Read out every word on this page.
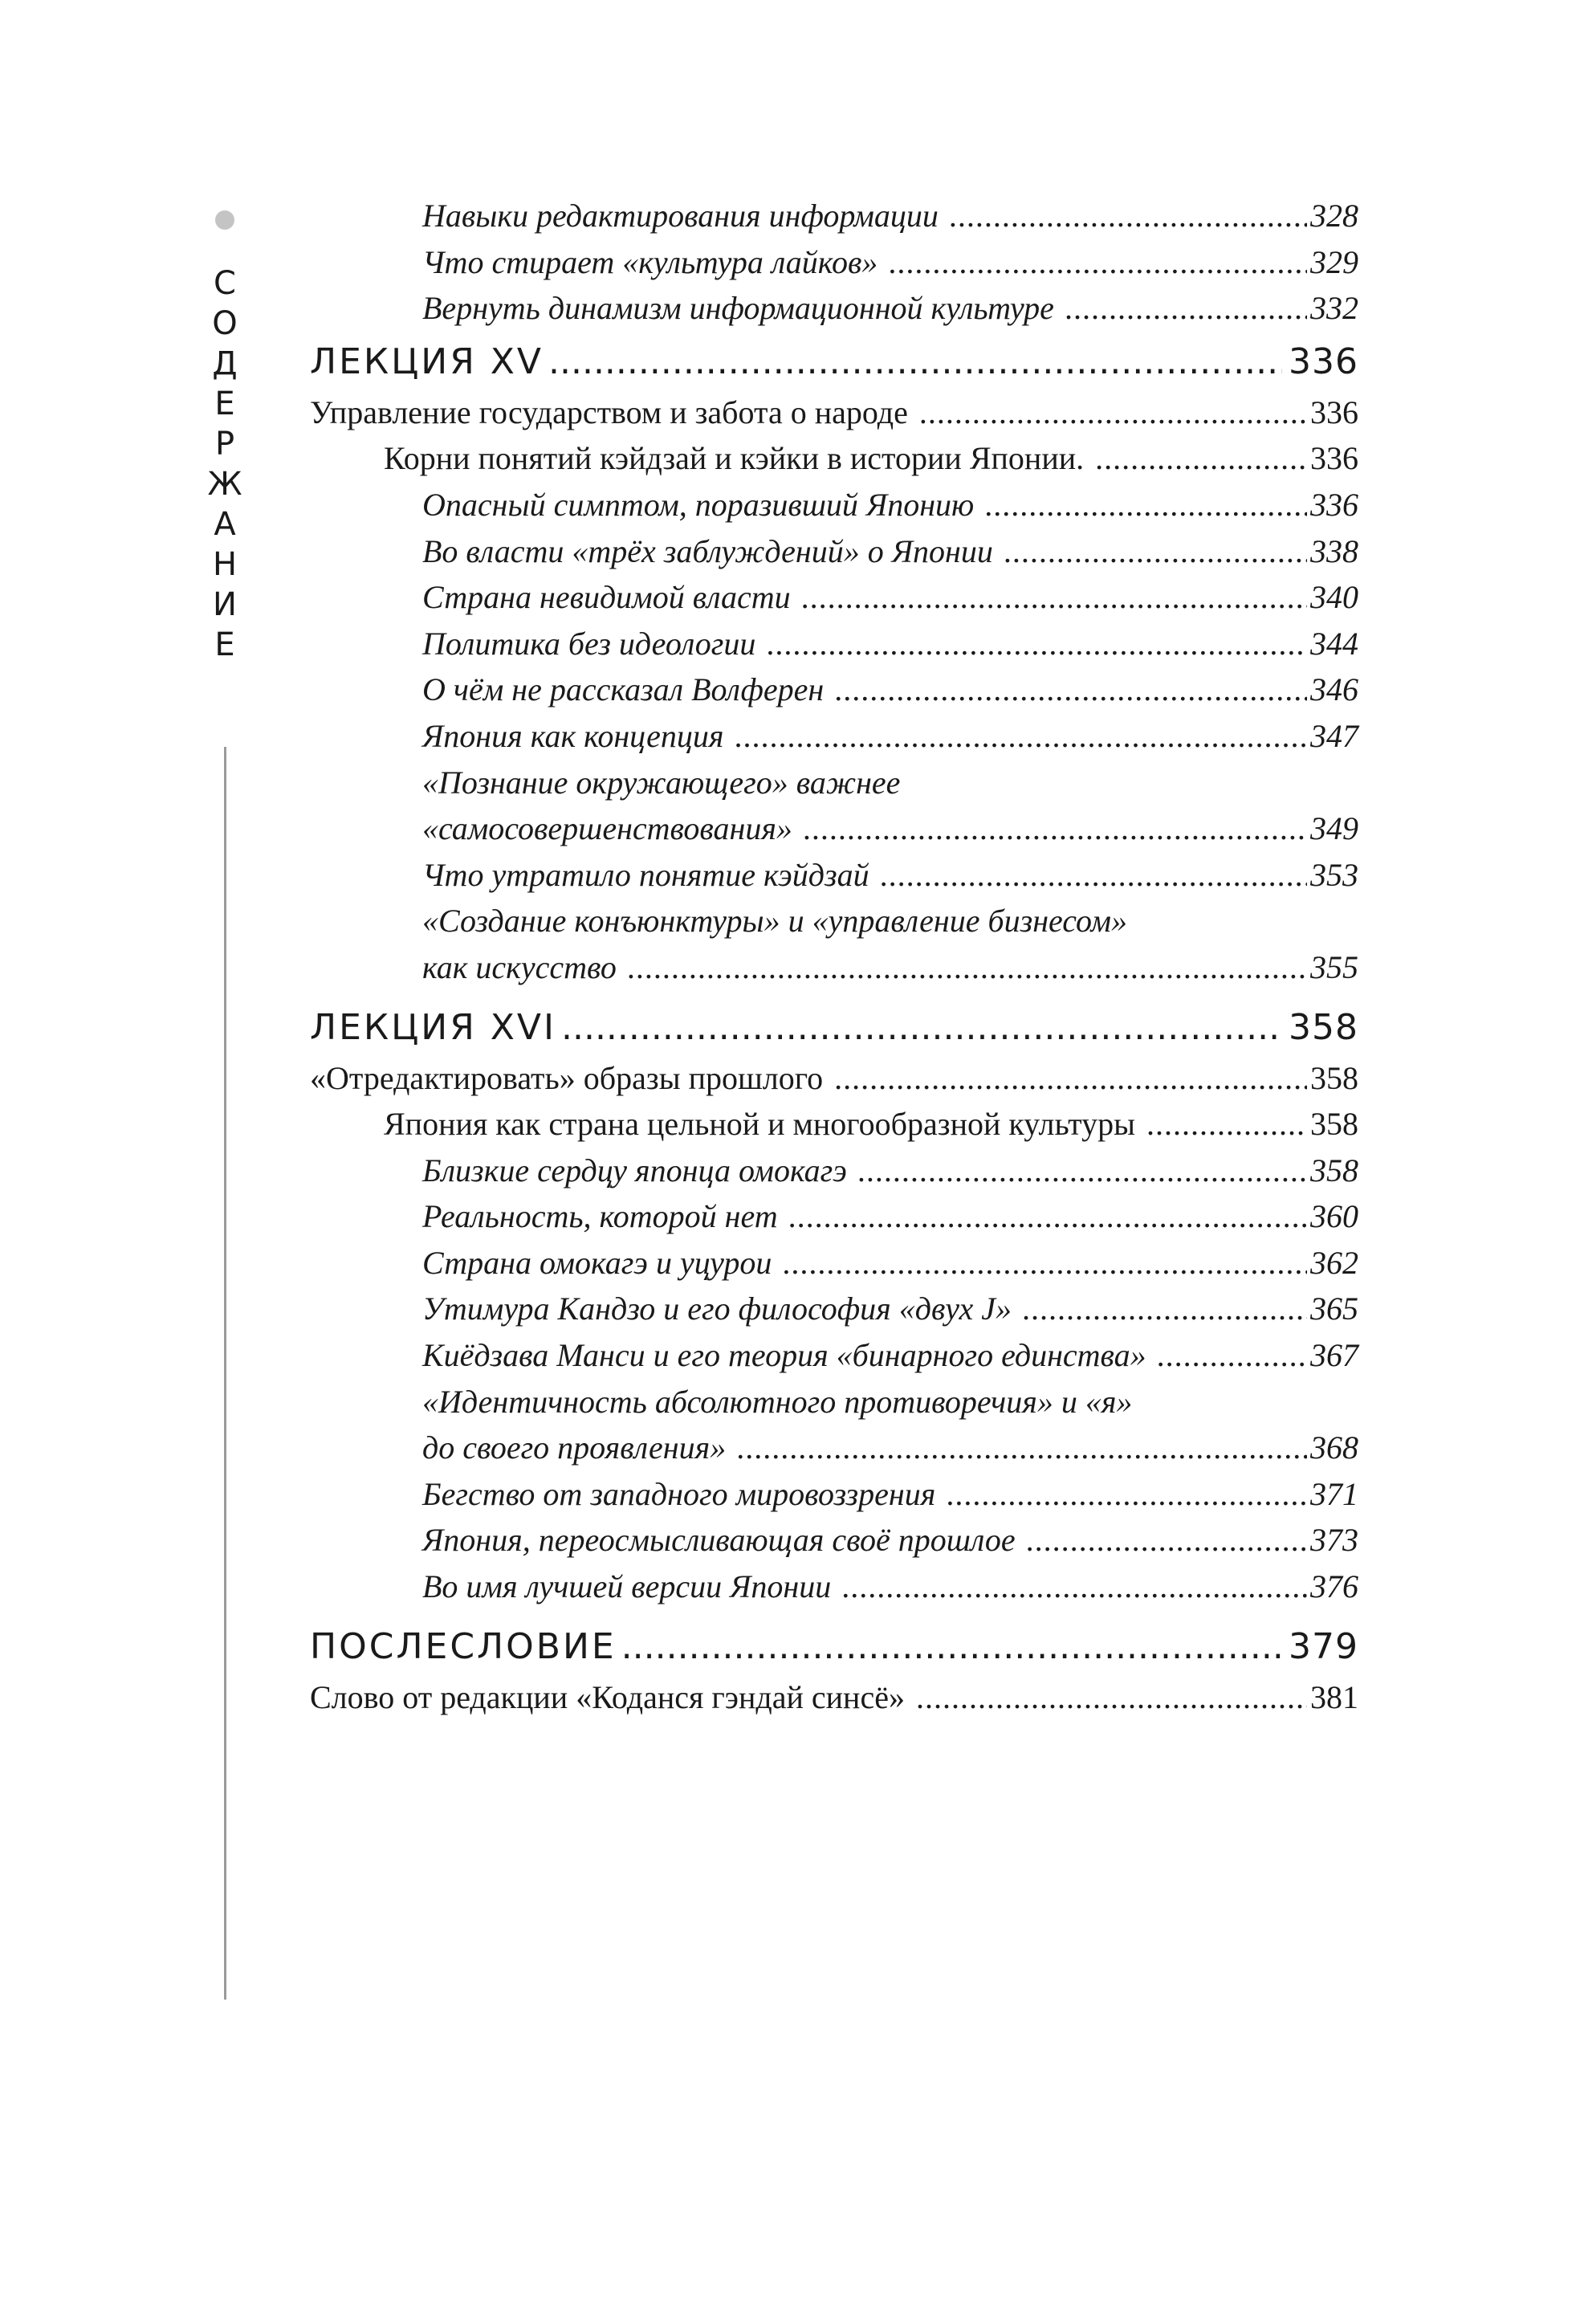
С
О
Д
Е
Р
Ж
А
Н
И
Е
Навыки редактирования информации .....	328
Что стирает «культура лайков» .....	329
Вернуть динамизм информационной культуре .....	332
ЛЕКЦИЯ XV .....	336
Управление государством и забота о народе .....	336
Корни понятий кэйдзай и кэйки в истории Японии. .....	336
Опасный симптом, поразивший Японию .....	336
Во власти «трёх заблуждений» о Японии .....	338
Страна невидимой власти .....	340
Политика без идеологии .....	344
О чём не рассказал Волферен .....	346
Япония как концепция .....	347
«Познание окружающего» важнее
«самосовершенствования» .....	349
Что утратило понятие кэйдзай .....	353
«Создание конъюнктуры» и «управление бизнесом»
как искусство .....	355
ЛЕКЦИЯ XVI .....	358
«Отредактировать» образы прошлого .....	358
Япония как страна цельной и многообразной культуры .....	358
Близкие сердцу японца омокагэ .....	358
Реальность, которой нет .....	360
Страна омокагэ и уцурои .....	362
Утимура Кандзо и его философия «двух J» .....	365
Киёдзава Манси и его теория «бинарного единства» .....	367
«Идентичность абсолютного противоречия» и «я»
до своего проявления» .....	368
Бегство от западного мировоззрения .....	371
Япония, переосмысливающая своё прошлое .....	373
Во имя лучшей версии Японии .....	376
ПОСЛЕСЛОВИЕ .....	379
Слово от редакции «Коданся гэндай синсё» .....	381
